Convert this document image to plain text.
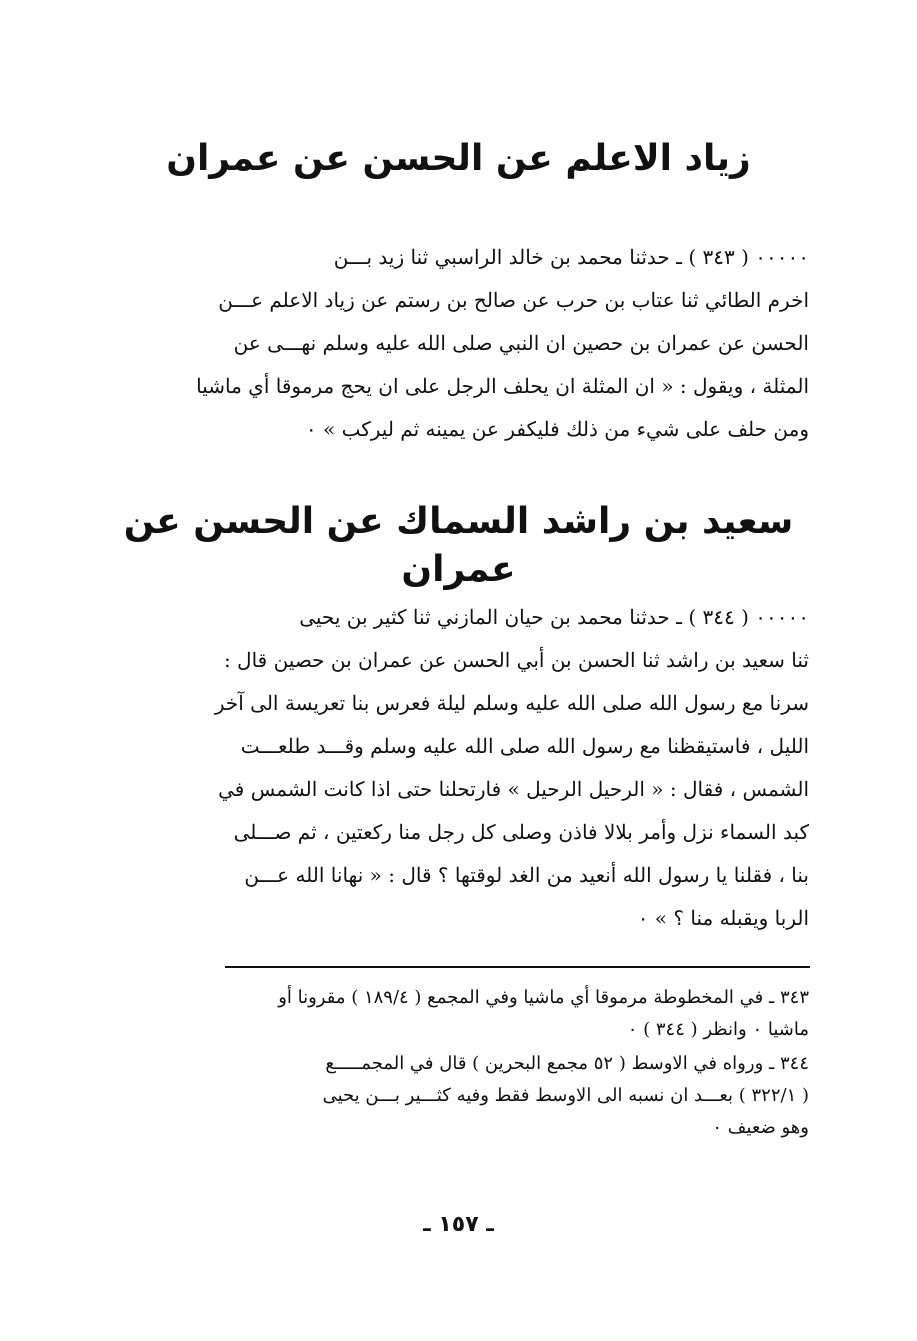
زياد الاعلم عن الحسن عن عمران
٠٠٠٠٠ ( ٣٤٣ ) ـ حدثنا محمد بن خالد الراسبي ثنا زيد بـــن
اخرم الطائي ثنا عتاب بن حرب عن صالح بن رستم عن زياد الاعلم عـــن
الحسن عن عمران بن حصين ان النبي صلى الله عليه وسلم نهـــى عن
المثلة ، ويقول : « ان المثلة ان يحلف الرجل على ان يحج مرموقا أي ماشيا
ومن حلف على شيء من ذلك فليكفر عن يمينه ثم ليركب » ٠
سعيد بن راشد السماك عن الحسن عن عمران
٠٠٠٠٠ ( ٣٤٤ ) ـ حدثنا محمد بن حيان المازني ثنا كثير بن يحيى
ثنا سعيد بن راشد ثنا الحسن بن أبي الحسن عن عمران بن حصين قال :
سرنا مع رسول الله صلى الله عليه وسلم ليلة فعرس بنا تعريسة الى آخر
الليل ، فاستيقظنا مع رسول الله صلى الله عليه وسلم وقـــد طلعـــت
الشمس ، فقال : « الرحيل الرحيل » فارتحلنا حتى اذا كانت الشمس في
كبد السماء نزل وأمر بلالا فاذن وصلى كل رجل منا ركعتين ، ثم صـــلى
بنا ، فقلنا يا رسول الله أنعيد من الغد لوقتها ؟ قال : « نهانا الله عـــن
الربا ويقبله منا ؟ » ٠
٣٤٣ ـ في المخطوطة مرموقا أي ماشيا وفي المجمع ( ١٨٩/٤ ) مقرونا أو
ماشيا ٠ وانظر ( ٣٤٤ ) ٠
٣٤٤ ـ ورواه في الاوسط ( ٥٢ مجمع البحرين ) قال في المجمـــــع
( ٣٢٢/١ ) بعـــد ان نسبه الى الاوسط فقط وفيه كثـــير بـــن يحيى
وهو ضعيف ٠
ـ ١٥٧ ـ
